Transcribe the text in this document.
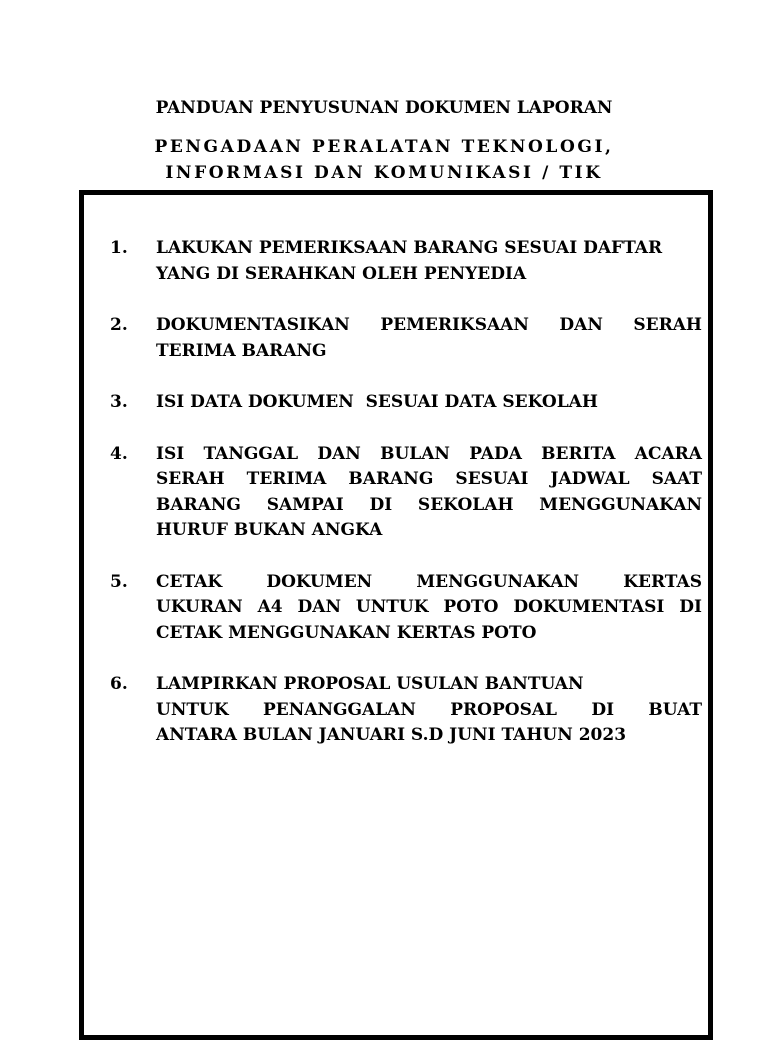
PANDUAN PENYUSUNAN DOKUMEN LAPORAN
PENGADAAN PERALATAN TEKNOLOGI,
INFORMASI DAN KOMUNIKASI / TIK
1. LAKUKAN PEMERIKSAAN BARANG SESUAI DAFTAR
YANG DI SERAHKAN OLEH PENYEDIA
2. DOKUMENTASIKAN PEMERIKSAAN DAN SERAH
TERIMA BARANG
3. ISI DATA DOKUMEN  SESUAI DATA SEKOLAH
4. ISI TANGGAL DAN BULAN PADA BERITA ACARA
SERAH TERIMA BARANG SESUAI JADWAL SAAT
BARANG SAMPAI DI SEKOLAH MENGGUNAKAN
HURUF BUKAN ANGKA
5. CETAK DOKUMEN MENGGUNAKAN KERTAS
UKURAN A4 DAN UNTUK POTO DOKUMENTASI DI
CETAK MENGGUNAKAN KERTAS POTO
6. LAMPIRKAN PROPOSAL USULAN BANTUAN
UNTUK PENANGGALAN PROPOSAL DI BUAT
ANTARA BULAN JANUARI S.D JUNI TAHUN 2023
